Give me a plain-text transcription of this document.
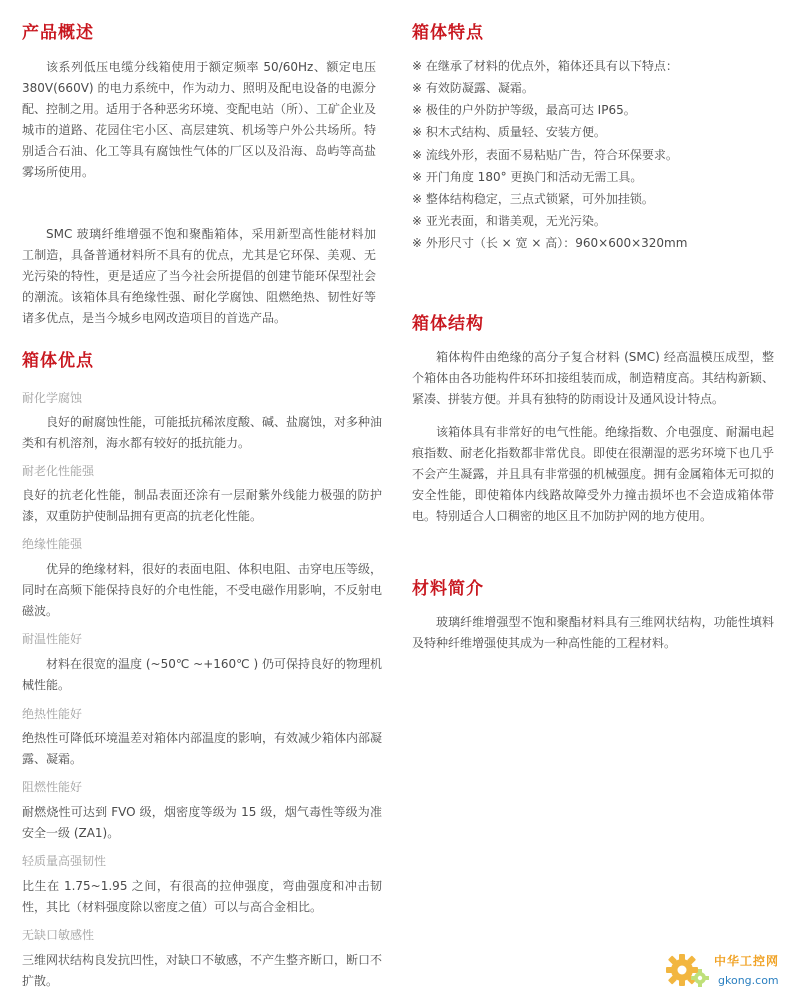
产品概述

该系列低压电缆分线箱使用于额定频率 50/60Hz、额定电压380V(660V) 的电力系统中，作为动力、照明及配电设备的电源分配、控制之用。适用于各种恶劣环境、变配电站（所）、工矿企业及城市的道路、花园住宅小区、高层建筑、机场等户外公共场所。特别适合石油、化工等具有腐蚀性气体的厂区以及沿海、岛屿等高盐雾场所使用。

SMC 玻璃纤维增强不饱和聚酯箱体，采用新型高性能材料加工制造，具备普通材料所不具有的优点，尤其是它环保、美观、无光污染的特性，更是适应了当今社会所提倡的创建节能环保型社会的潮流。该箱体具有绝缘性强、耐化学腐蚀、阻燃绝热、韧性好等诸多优点，是当今城乡电网改造项目的首选产品。

箱体优点

耐化学腐蚀

良好的耐腐蚀性能，可能抵抗稀浓度酸、碱、盐腐蚀，对多种油类和有机溶剂，海水都有较好的抵抗能力。

耐老化性能强

良好的抗老化性能，制品表面还涂有一层耐紫外线能力极强的防护漆，双重防护使制品拥有更高的抗老化性能。

绝缘性能强

优异的绝缘材料，很好的表面电阻、体积电阻、击穿电压等级，同时在高频下能保持良好的介电性能，不受电磁作用影响，不反射电磁波。

耐温性能好

材料在很宽的温度 (~50℃ ~+160℃ ) 仍可保持良好的物理机械性能。

绝热性能好

绝热性可降低环境温差对箱体内部温度的影响，有效减少箱体内部凝露、凝霜。

阻燃性能好

耐燃烧性可达到 FVO 级，烟密度等级为 15 级，烟气毒性等级为准安全一级 (ZA1)。

轻质量高强韧性

比生在 1.75~1.95 之间，有很高的拉伸强度，弯曲强度和冲击韧性，其比（材料强度除以密度之值）可以与高合金相比。

无缺口敏感性

三维网状结构良发抗凹性，对缺口不敏感，不产生整齐断口，断口不扩散。

箱体特点

※ 在继承了材料的优点外，箱体还具有以下特点：

※ 有效防凝露、凝霜。

※ 极佳的户外防护等级，最高可达 IP65。

※ 积木式结构、质量轻、安装方便。

※ 流线外形，表面不易粘贴广告，符合环保要求。

※ 开门角度 180° 更换门和活动无需工具。

※ 整体结构稳定，三点式锁紧，可外加挂锁。

※ 亚光表面，和谐美观，无光污染。

※ 外形尺寸（长 × 宽 × 高）：960×600×320mm

箱体结构

箱体构件由绝缘的高分子复合材料 (SMC) 经高温模压成型，整个箱体由各功能构件环环扣接组装而成，制造精度高。其结构新颖、紧凑、拼装方便。并具有独特的防雨设计及通风设计特点。

该箱体具有非常好的电气性能。绝缘指数、介电强度、耐漏电起痕指数、耐老化指数都非常优良。即使在很潮湿的恶劣环境下也几乎不会产生凝露，并且具有非常强的机械强度。拥有金属箱体无可拟的安全性能，即使箱体内线路故障受外力撞击损坏也不会造成箱体带电。特别适合人口稠密的地区且不加防护网的地方使用。

材料简介

玻璃纤维增强型不饱和聚酯材料具有三维网状结构，功能性填料及特种纤维增强使其成为一种高性能的工程材料。

中华工控网
gkong.com
